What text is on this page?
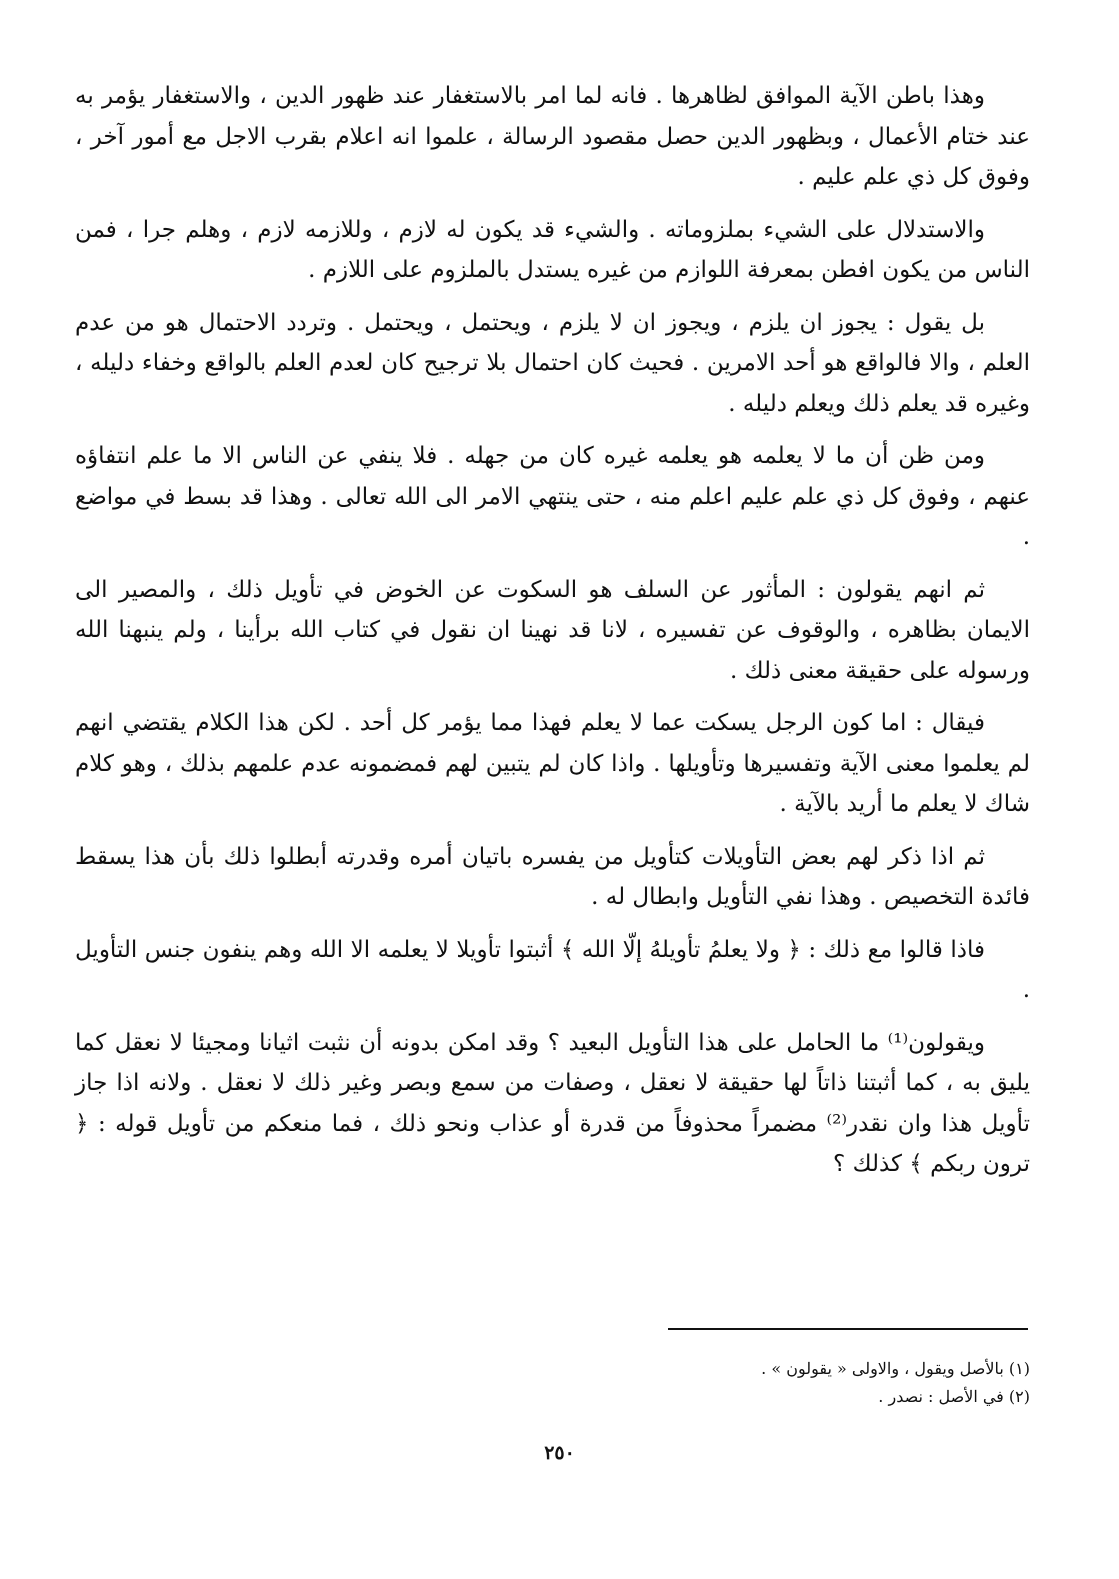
وهذا باطن الآية الموافق لظاهرها . فانه لما امر بالاستغفار عند ظهور الدين ، والاستغفار يؤمر به عند ختام الأعمال ، وبظهور الدين حصل مقصود الرسالة ، علموا انه اعلام بقرب الاجل مع أمور آخر ، وفوق كل ذي علم عليم .

والاستدلال على الشيء بملزوماته . والشيء قد يكون له لازم ، وللازمه لازم ، وهلم جرا ، فمن الناس من يكون افطن بمعرفة اللوازم من غيره يستدل بالملزوم على اللازم .

بل يقول : يجوز ان يلزم ، ويجوز ان لا يلزم ، ويحتمل ، ويحتمل . وتردد الاحتمال هو من عدم العلم ، والا فالواقع هو أحد الامرين . فحيث كان احتمال بلا ترجيح كان لعدم العلم بالواقع وخفاء دليله ، وغيره قد يعلم ذلك ويعلم دليله .

ومن ظن أن ما لا يعلمه هو يعلمه غيره كان من جهله . فلا ينفي عن الناس الا ما علم انتفاؤه عنهم ، وفوق كل ذي علم عليم اعلم منه ، حتى ينتهي الامر الى الله تعالى . وهذا قد بسط في مواضع .

ثم انهم يقولون : المأثور عن السلف هو السكوت عن الخوض في تأويل ذلك ، والمصير الى الايمان بظاهره ، والوقوف عن تفسيره ، لانا قد نهينا ان نقول في كتاب الله برأينا ، ولم ينبهنا الله ورسوله على حقيقة معنى ذلك .

فيقال : اما كون الرجل يسكت عما لا يعلم فهذا مما يؤمر كل أحد . لكن هذا الكلام يقتضي انهم لم يعلموا معنى الآية وتفسيرها وتأويلها . واذا كان لم يتبين لهم فمضمونه عدم علمهم بذلك ، وهو كلام شاك لا يعلم ما أريد بالآية .

ثم اذا ذكر لهم بعض التأويلات كتأويل من يفسره باتيان أمره وقدرته أبطلوا ذلك بأن هذا يسقط فائدة التخصيص . وهذا نفي التأويل وابطال له .

فاذا قالوا مع ذلك : ﴿ ولا يعلمُ تأويلهُ إلّا الله ﴾ أثبتوا تأويلا لا يعلمه الا الله وهم ينفون جنس التأويل .

ويقولون⁽¹⁾ ما الحامل على هذا التأويل البعيد ؟ وقد امكن بدونه أن نثبت اثيانا ومجيئا لا نعقل كما يليق به ، كما أثبتنا ذاتاً لها حقيقة لا نعقل ، وصفات من سمع وبصر وغير ذلك لا نعقل . ولانه اذا جاز تأويل هذا وان نقدر⁽²⁾ مضمراً محذوفاً من قدرة أو عذاب ونحو ذلك ، فما منعكم من تأويل قوله : ﴿ ترون ربكم ﴾ كذلك ؟

(١) بالأصل ويقول ، والاولى « يقولون » .

(٢) في الأصل : نصدر .

٢٥٠
